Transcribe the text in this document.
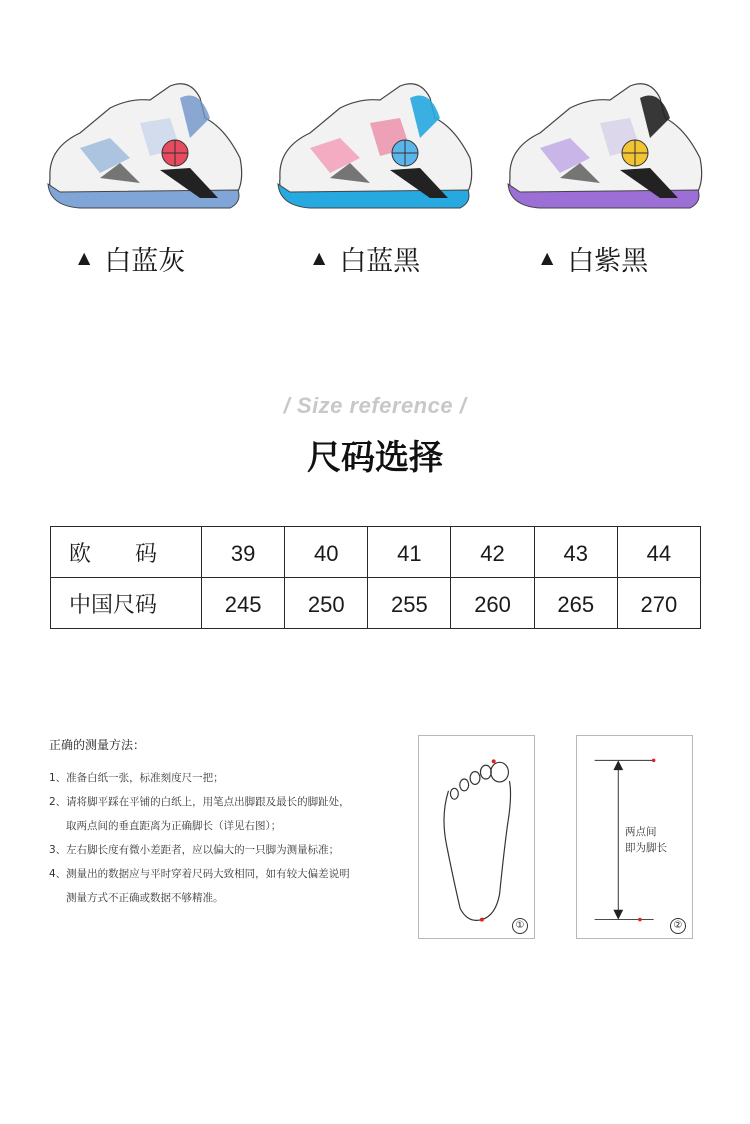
▲ 白蓝灰	▲ 白蓝黑	▲ 白紫黑
/ Size reference /
尺码选择
欧　　码	39	40	41	42	43	44
中国尺码	245	250	255	260	265	270
正确的测量方法：
1、准备白纸一张，标准刻度尺一把；
2、请将脚平踩在平铺的白纸上，用笔点出脚跟及最长的脚趾处，
取两点间的垂直距离为正确脚长（详见右图）；
3、左右脚长度有微小差距者，应以偏大的一只脚为测量标准；
4、测量出的数据应与平时穿着尺码大致相同，如有较大偏差说明
测量方式不正确或数据不够精准。
①
两点间
即为脚长
②
